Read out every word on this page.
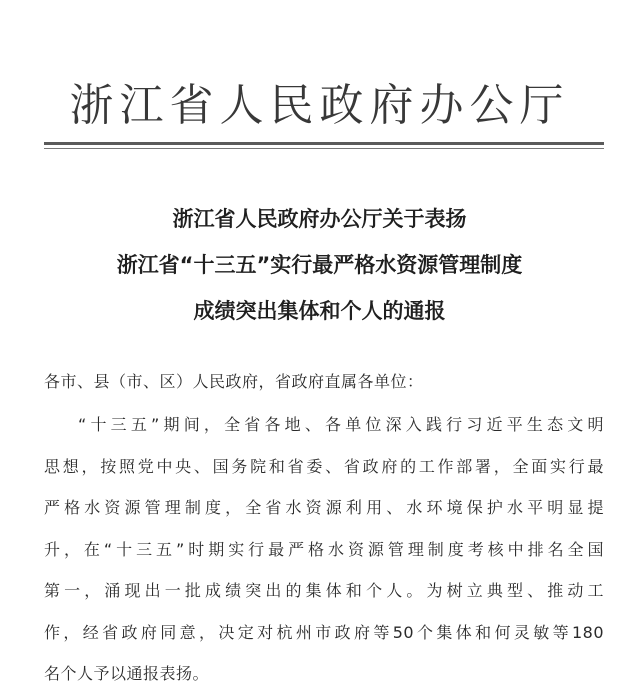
浙江省人民政府办公厅
浙江省人民政府办公厅关于表扬
浙江省“十三五”实行最严格水资源管理制度
成绩突出集体和个人的通报
各市、县（市、区）人民政府，省政府直属各单位：
“十三五”期间，全省各地、各单位深入践行习近平生态文明
思想，按照党中央、国务院和省委、省政府的工作部署，全面实行最
严格水资源管理制度，全省水资源利用、水环境保护水平明显提
升，在“十三五”时期实行最严格水资源管理制度考核中排名全国
第一，涌现出一批成绩突出的集体和个人。为树立典型、推动工
作，经省政府同意，决定对杭州市政府等50个集体和何灵敏等180
名个人予以通报表扬。
